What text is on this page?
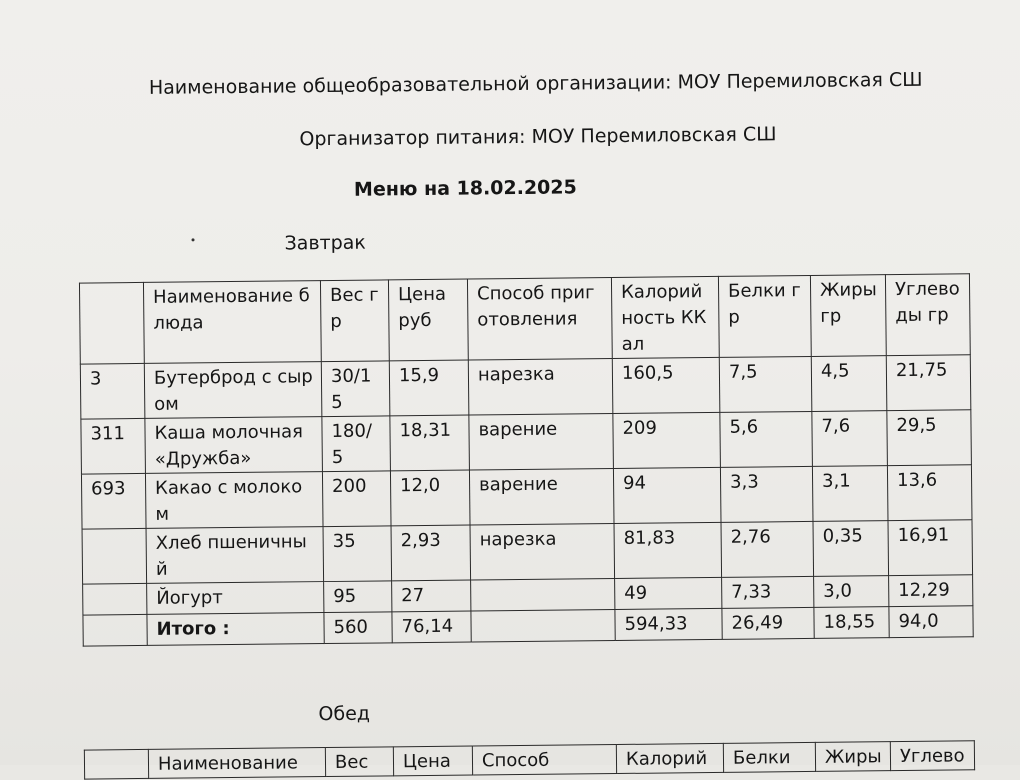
Наименование общеобразовательной организации: МОУ Перемиловская СШ
Организатор питания: МОУ Перемиловская СШ
Меню на 18.02.2025
Завтрак
	Наименование блюда	Вес гр	Цена руб	Способ приготовления	Калорийность ККал	Белки гр	Жиры гр	Углеводы гр
3	Бутерброд с сыром	30/15	15,9	нарезка	160,5	7,5	4,5	21,75
311	Каша молочная «Дружба»	180/5	18,31	варение	209	5,6	7,6	29,5
693	Какао с молоком	200	12,0	варение	94	3,3	3,1	13,6
	Хлеб пшеничный	35	2,93	нарезка	81,83	2,76	0,35	16,91
	Йогурт	95	27		49	7,33	3,0	12,29
	Итого :	560	76,14		594,33	26,49	18,55	94,0
Обед
	Наименование	Вес	Цена	Способ	Калорий	Белки	Жиры	Углево
